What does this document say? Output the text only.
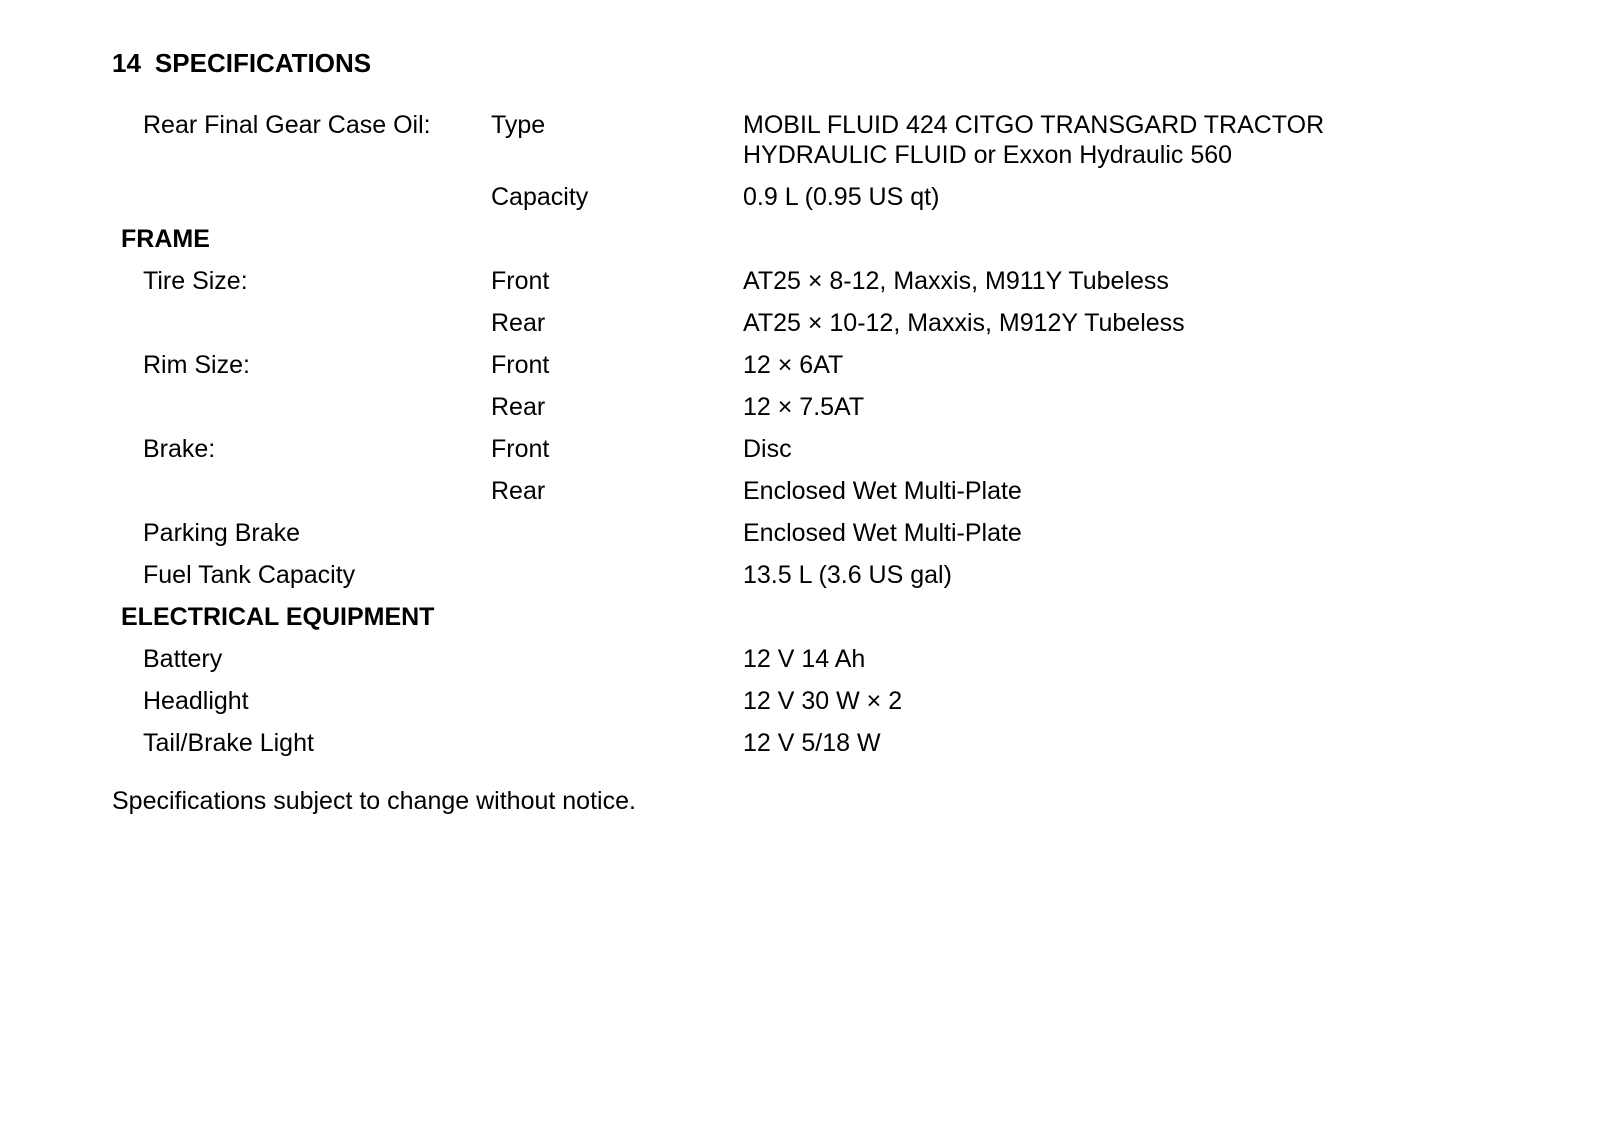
14 SPECIFICATIONS
Rear Final Gear Case Oil: Type	MOBIL FLUID 424 CITGO TRANSGARD TRACTOR
HYDRAULIC FLUID or Exxon Hydraulic 560
Capacity	0.9 L (0.95 US qt)
FRAME
Tire Size:	Front	AT25 × 8-12, Maxxis, M911Y Tubeless
Rear	AT25 × 10-12, Maxxis, M912Y Tubeless
Rim Size:	Front	12 × 6AT
Rear	12 × 7.5AT
Brake:	Front	Disc
Rear	Enclosed Wet Multi-Plate
Parking Brake	Enclosed Wet Multi-Plate
Fuel Tank Capacity	13.5 L (3.6 US gal)
ELECTRICAL EQUIPMENT
Battery	12 V 14 Ah
Headlight	12 V 30 W × 2
Tail/Brake Light	12 V 5/18 W
Specifications subject to change without notice.
